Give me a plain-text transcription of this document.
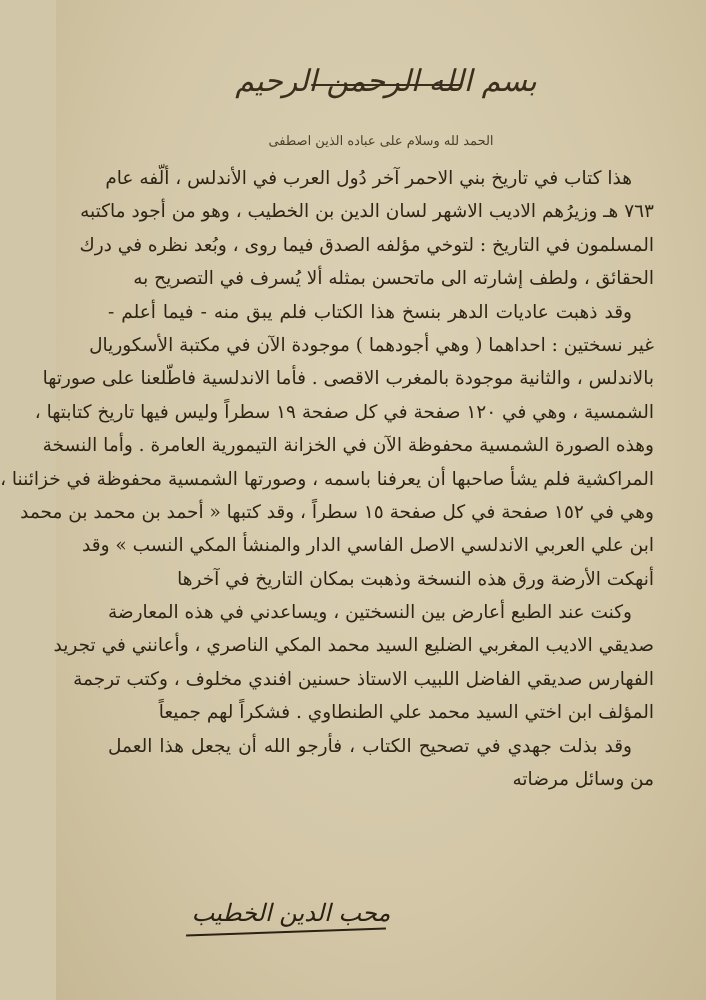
بسم الله الرحمن الرحيم
الحمد لله وسلام على عباده الذين اصطفى
هذا كتاب في تاريخ بني الاحمر آخر دُول العرب في الأندلس ، ألّفه عام
٧٦٣ هـ وزيرُهم الاديب الاشهر لسان الدين بن الخطيب ، وهو من أجود ماكتبه
المسلمون في التاريخ : لتوخي مؤلفه الصدق فيما روى ، وبُعد نظره في درك
الحقائق ، ولطف إشارته الى ماتحسن بمثله ألا يُسرف في التصريح به
وقد ذهبت عاديات الدهر بنسخ هذا الكتاب فلم يبق منه - فيما أعلم -
غير نسختين : احداهما ( وهي أجودهما ) موجودة الآن في مكتبة الأسكوريال
بالاندلس ، والثانية موجودة بالمغرب الاقصى . فأما الاندلسية فاطّلعنا على صورتها
الشمسية ، وهي في ١٢٠ صفحة في كل صفحة ١٩ سطراً وليس فيها تاريخ كتابتها ،
وهذه الصورة الشمسية محفوظة الآن في الخزانة التيمورية العامرة . وأما النسخة
المراكشية فلم يشأ صاحبها أن يعرفنا باسمه ، وصورتها الشمسية محفوظة في خزائننا ،
وهي في ١٥٢ صفحة في كل صفحة ١٥ سطراً ، وقد كتبها « أحمد بن محمد بن محمد
ابن علي العربي الاندلسي الاصل الفاسي الدار والمنشأ المكي النسب » وقد
أنهكت الأرضة ورق هذه النسخة وذهبت بمكان التاريخ في آخرها
وكنت عند الطبع أعارض بين النسختين ، ويساعدني في هذه المعارضة
صديقي الاديب المغربي الضليع السيد محمد المكي الناصري ، وأعانني في تجريد
الفهارس صديقي الفاضل اللبيب الاستاذ حسنين افندي مخلوف ، وكتب ترجمة
المؤلف ابن اختي السيد محمد علي الطنطاوي . فشكراً لهم جميعاً
وقد بذلت جهدي في تصحيح الكتاب ، فأرجو الله أن يجعل هذا العمل
من وسائل مرضاته
محب الدين الخطيب
